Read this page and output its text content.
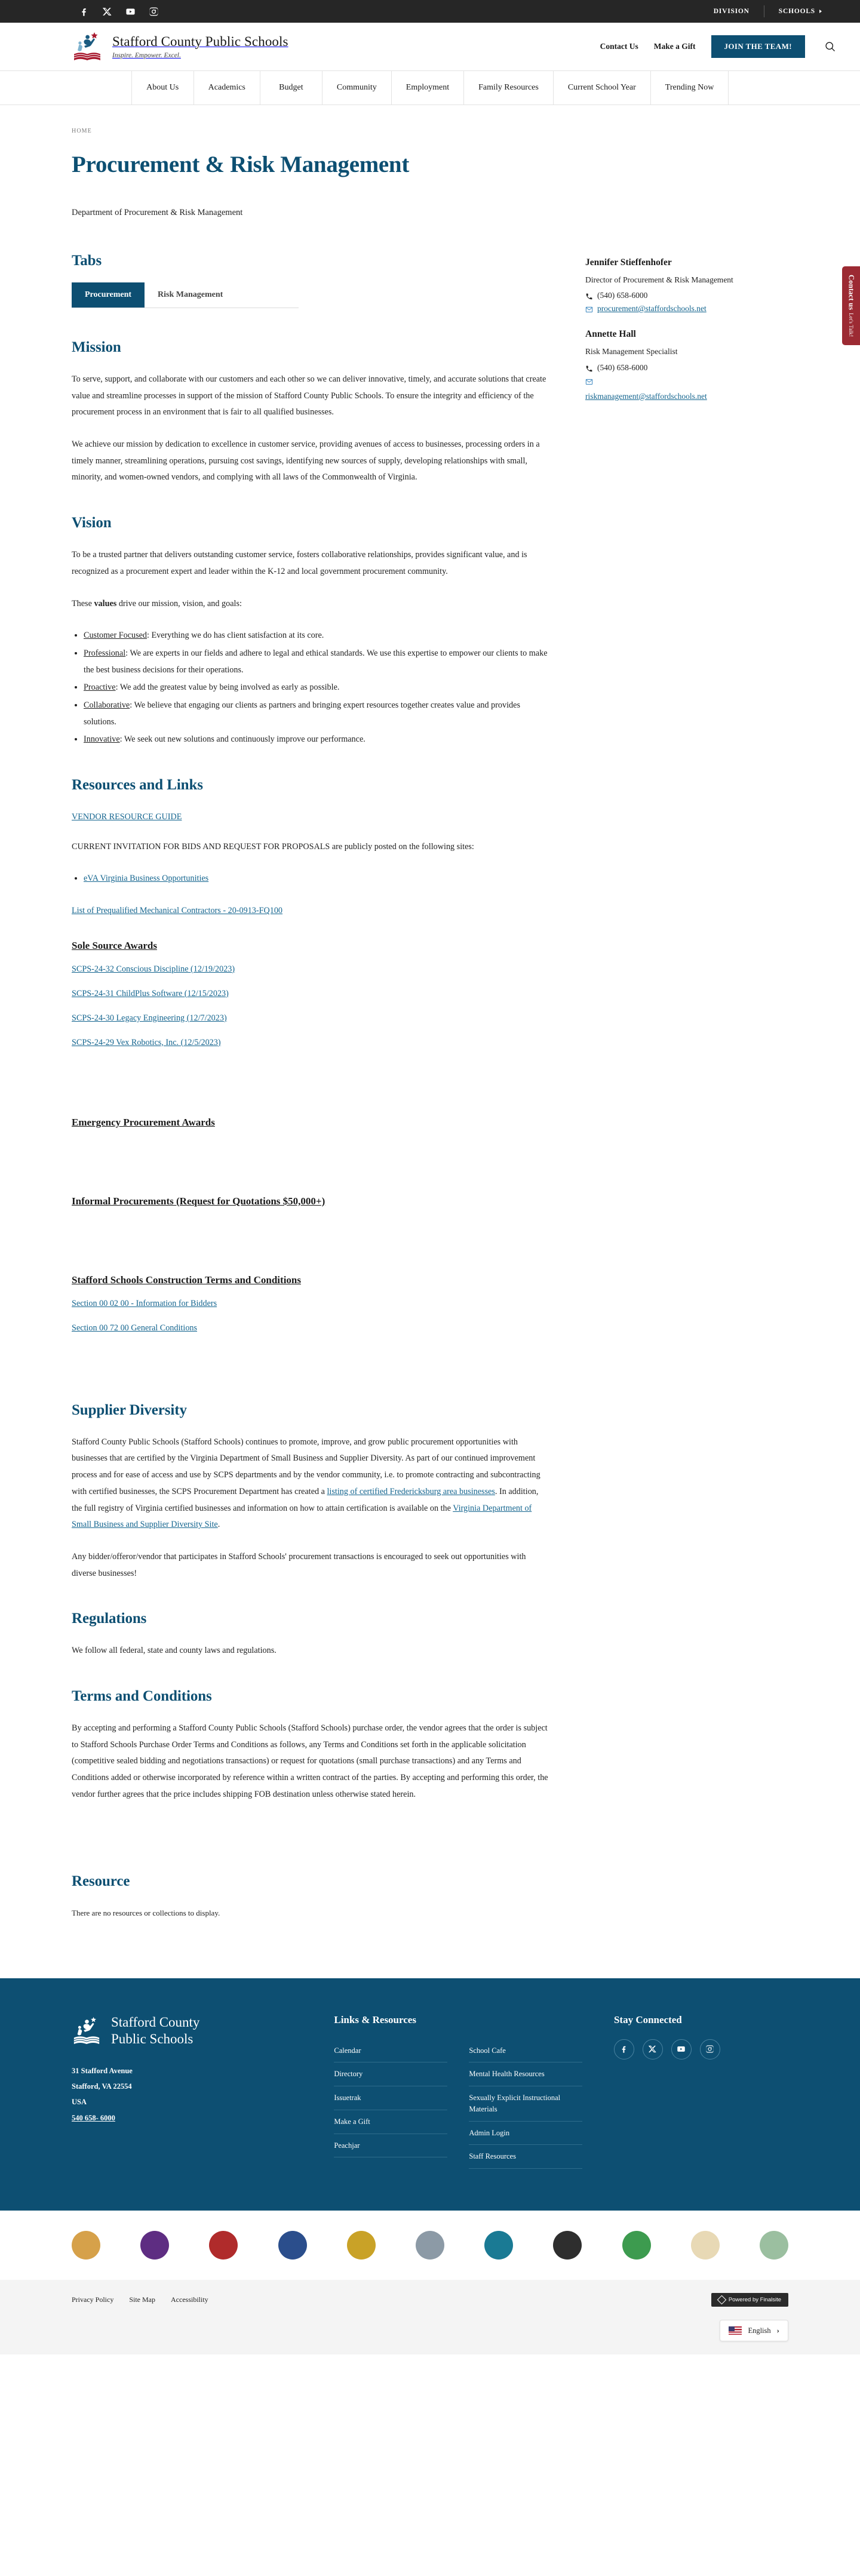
DIVISION	SCHOOLS
Stafford County Public Schools
Inspire. Empower. Excel.
Contact Us Make a Gift	JOIN THE TEAM!
About Us	Academics	Budget	Community	Employment	Family Resources	Current School Year	Trending Now
HOME
Procurement & Risk Management
Department of Procurement & Risk Management
Contact us
Let's Talk!
Tabs
Procurement	Risk Management
Mission

To serve, support, and collaborate with our customers and each other so we can deliver innovative, timely, and accurate solutions that create value and streamline processes in support of the mission of Stafford County Public Schools. To ensure the integrity and efficiency of the procurement process in an environment that is fair to all qualified businesses.

We achieve our mission by dedication to excellence in customer service, providing avenues of access to businesses, processing orders in a timely manner, streamlining operations, pursuing cost savings, identifying new sources of supply, developing relationships with small, minority, and women-owned vendors, and complying with all laws of the Commonwealth of Virginia.

Vision

To be a trusted partner that delivers outstanding customer service, fosters collaborative relationships, provides significant value, and is recognized as a procurement expert and leader within the K-12 and local government procurement community.

These values drive our mission, vision, and goals:

• Customer Focused: Everything we do has client satisfaction at its core.
• Professional: We are experts in our fields and adhere to legal and ethical standards. We use this expertise to empower our clients to make the best business decisions for their operations.
• Proactive: We add the greatest value by being involved as early as possible.
• Collaborative: We believe that engaging our clients as partners and bringing expert resources together creates value and provides solutions.
• Innovative: We seek out new solutions and continuously improve our performance.
Resources and Links

VENDOR RESOURCE GUIDE

CURRENT INVITATION FOR BIDS AND REQUEST FOR PROPOSALS are publicly posted on the following sites:

• eVA Virginia Business Opportunities

List of Prequalified Mechanical Contractors - 20-0913-FQ100

Sole Source Awards
SCPS-24-32 Conscious Discipline (12/19/2023)
SCPS-24-31 ChildPlus Software (12/15/2023)
SCPS-24-30 Legacy Engineering (12/7/2023)
SCPS-24-29 Vex Robotics, Inc. (12/5/2023)
Emergency Procurement Awards
Informal Procurements (Request for Quotations $50,000+)
Stafford Schools Construction Terms and Conditions
Section 00 02 00 - Information for Bidders
Section 00 72 00 General Conditions
Supplier Diversity

Stafford County Public Schools (Stafford Schools) continues to promote, improve, and grow public procurement opportunities with businesses that are certified by the Virginia Department of Small Business and Supplier Diversity. As part of our continued improvement process and for ease of access and use by SCPS departments and by the vendor community, i.e. to promote contracting and subcontracting with certified businesses, the SCPS Procurement Department has created a listing of certified Fredericksburg area businesses. In addition, the full registry of Virginia certified businesses and information on how to attain certification is available on the Virginia Department of Small Business and Supplier Diversity Site.

Any bidder/offeror/vendor that participates in Stafford Schools' procurement transactions is encouraged to seek out opportunities with diverse businesses!

Regulations

We follow all federal, state and county laws and regulations.

Terms and Conditions

By accepting and performing a Stafford County Public Schools (Stafford Schools) purchase order, the vendor agrees that the order is subject to Stafford Schools Purchase Order Terms and Conditions as follows, any Terms and Conditions set forth in the applicable solicitation (competitive sealed bidding and negotiations transactions) or request for quotations (small purchase transactions) and any Terms and Conditions added or otherwise incorporated by reference within a written contract of the parties. By accepting and performing this order, the vendor further agrees that the price includes shipping FOB destination unless otherwise stated herein.

Resource

There are no resources or collections to display.

Jennifer Stieffenhofer
Director of Procurement & Risk Management
(540) 658-6000
procurement@staffordschools.net
Annette Hall
Risk Management Specialist
(540) 658-6000
riskmanagement@staffordschools.net
Stafford County
Public Schools
31 Stafford Avenue
Stafford, VA 22554
USA
540 658- 6000
Links & Resources
Calendar
Directory
Issuetrak
Make a Gift
Peachjar
School Cafe
Mental Health Resources
Sexually Explicit Instructional Materials
Admin Login
Staff Resources
Stay Connected
Privacy Policy Site Map Accessibility	Powered by Finalsite
English ›
